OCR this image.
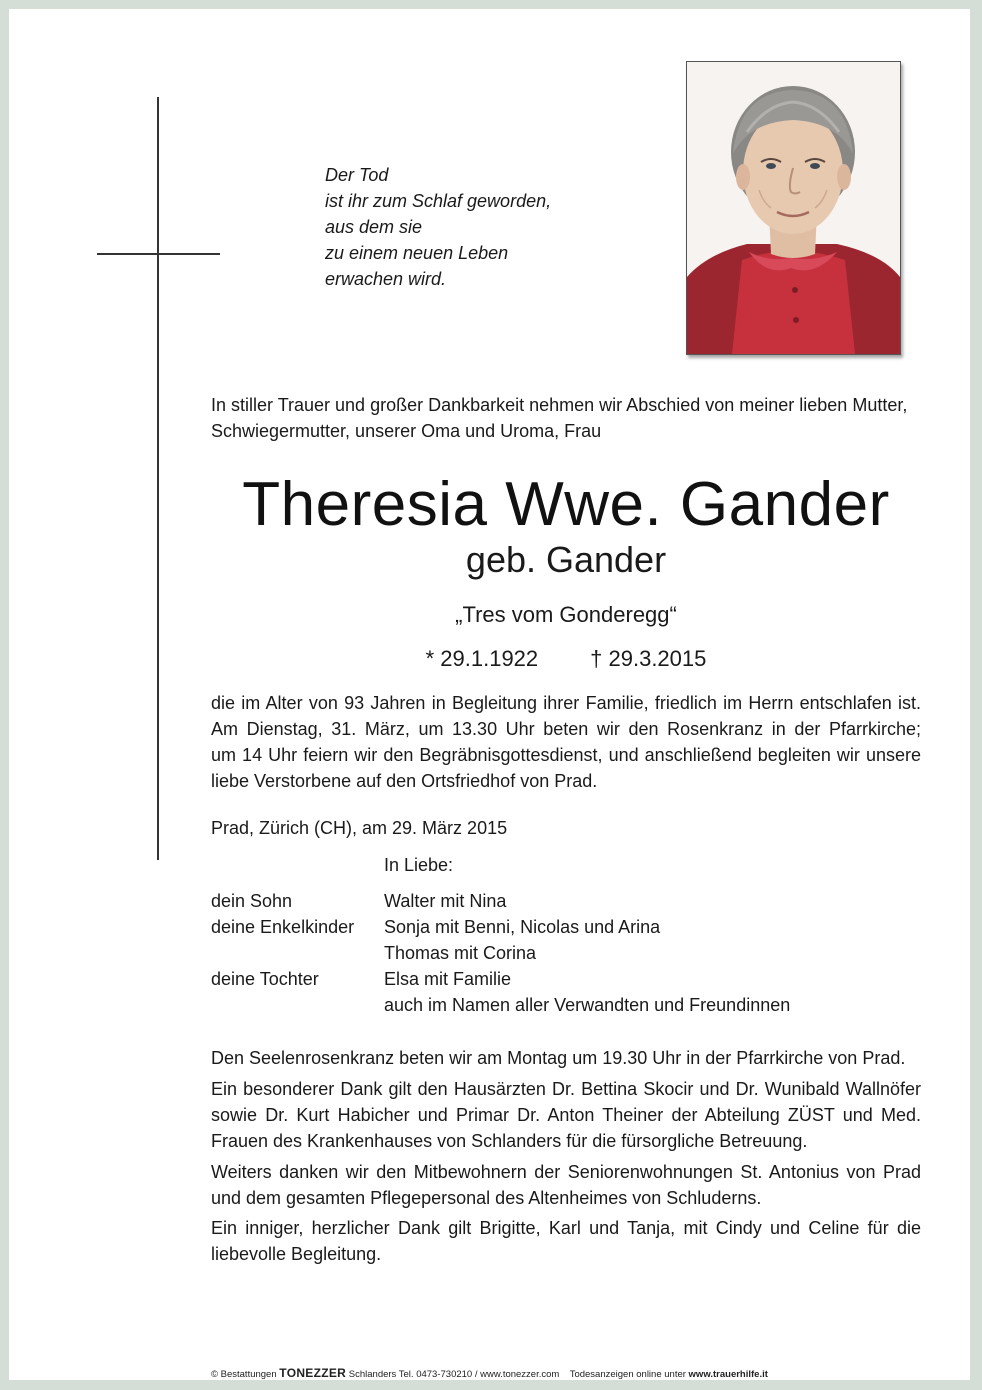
Der Tod
ist ihr zum Schlaf geworden,
aus dem sie
zu einem neuen Leben
erwachen wird.
In stiller Trauer und großer Dankbarkeit nehmen wir Abschied von meiner lieben Mutter,
Schwiegermutter, unserer Oma und Uroma, Frau
Theresia Wwe. Gander
geb. Gander
„Tres vom Gonderegg“
* 29.1.1922 † 29.3.2015
die im Alter von 93 Jahren in Begleitung ihrer Familie, friedlich im Herrn entschlafen ist.
Am Dienstag, 31. März, um 13.30 Uhr beten wir den Rosenkranz in der Pfarrkirche;
um 14 Uhr feiern wir den Begräbnisgottesdienst, und anschließend begleiten wir unsere
liebe Verstorbene auf den Ortsfriedhof von Prad.
Prad, Zürich (CH), am 29. März 2015
In Liebe:
dein Sohn	Walter mit Nina
deine Enkelkinder	Sonja mit Benni, Nicolas und Arina
Thomas mit Corina
deine Tochter	Elsa mit Familie
auch im Namen aller Verwandten und Freundinnen
Den Seelenrosenkranz beten wir am Montag um 19.30 Uhr in der Pfarrkirche von Prad.
Ein besonderer Dank gilt den Hausärzten Dr. Bettina Skocir und Dr. Wunibald Wallnöfer
sowie Dr. Kurt Habicher und Primar Dr. Anton Theiner der Abteilung ZÜST und Med.
Frauen des Krankenhauses von Schlanders für die fürsorgliche Betreuung.
Weiters danken wir den Mitbewohnern der Seniorenwohnungen St. Antonius von Prad
und dem gesamten Pflegepersonal des Altenheimes von Schluderns.
Ein inniger, herzlicher Dank gilt Brigitte, Karl und Tanja, mit Cindy und Celine für die
liebevolle Begleitung.
© Bestattungen TONEZZER Schlanders Tel. 0473-730210 / www.tonezzer.com Todesanzeigen online unter www.trauerhilfe.it
